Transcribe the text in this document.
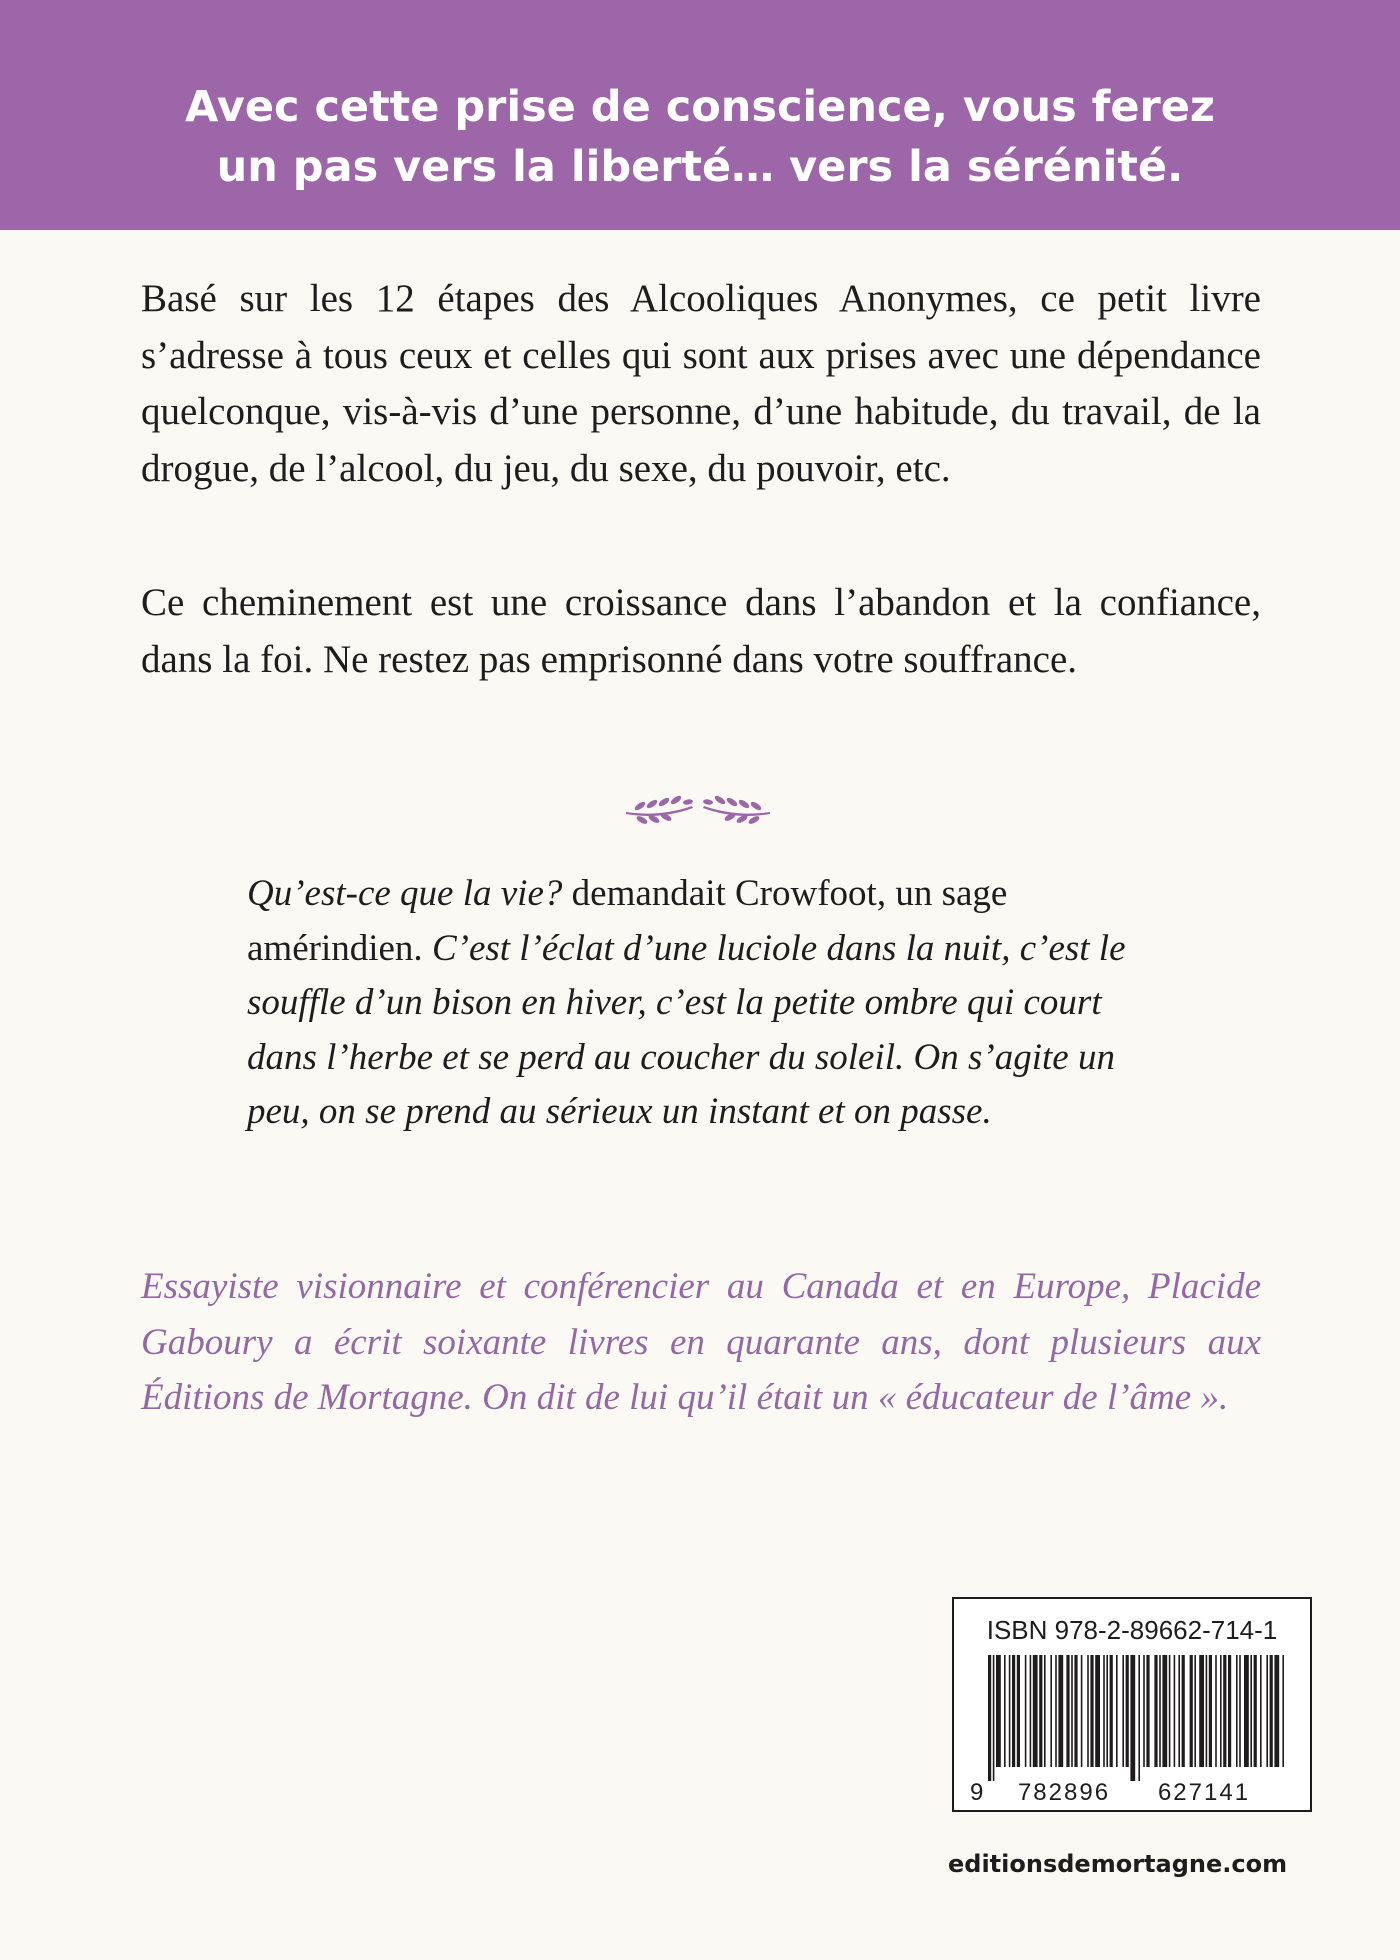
Avec cette prise de conscience, vous ferez
un pas vers la liberté… vers la sérénité.

Basé sur les 12 étapes des Alcooliques Anonymes, ce petit livre s’adresse à tous ceux et celles qui sont aux prises avec une dépendance quelconque, vis-à-vis d’une personne, d’une habitude, du travail, de la drogue, de l’alcool, du jeu, du sexe, du pouvoir, etc.

Ce cheminement est une croissance dans l’abandon et la confiance, dans la foi. Ne restez pas emprisonné dans votre souffrance.

Qu’est-ce que la vie? demandait Crowfoot, un sage amérindien. C’est l’éclat d’une luciole dans la nuit, c’est le souffle d’un bison en hiver, c’est la petite ombre qui court dans l’herbe et se perd au coucher du soleil. On s’agite un peu, on se prend au sérieux un instant et on passe.

Essayiste visionnaire et conférencier au Canada et en Europe, Placide Gaboury a écrit soixante livres en quarante ans, dont plusieurs aux Éditions de Mortagne. On dit de lui qu’il était un « éducateur de l’âme ».

ISBN 978-2-89662-714-1
9 782896 627141
editionsdemortagne.com
